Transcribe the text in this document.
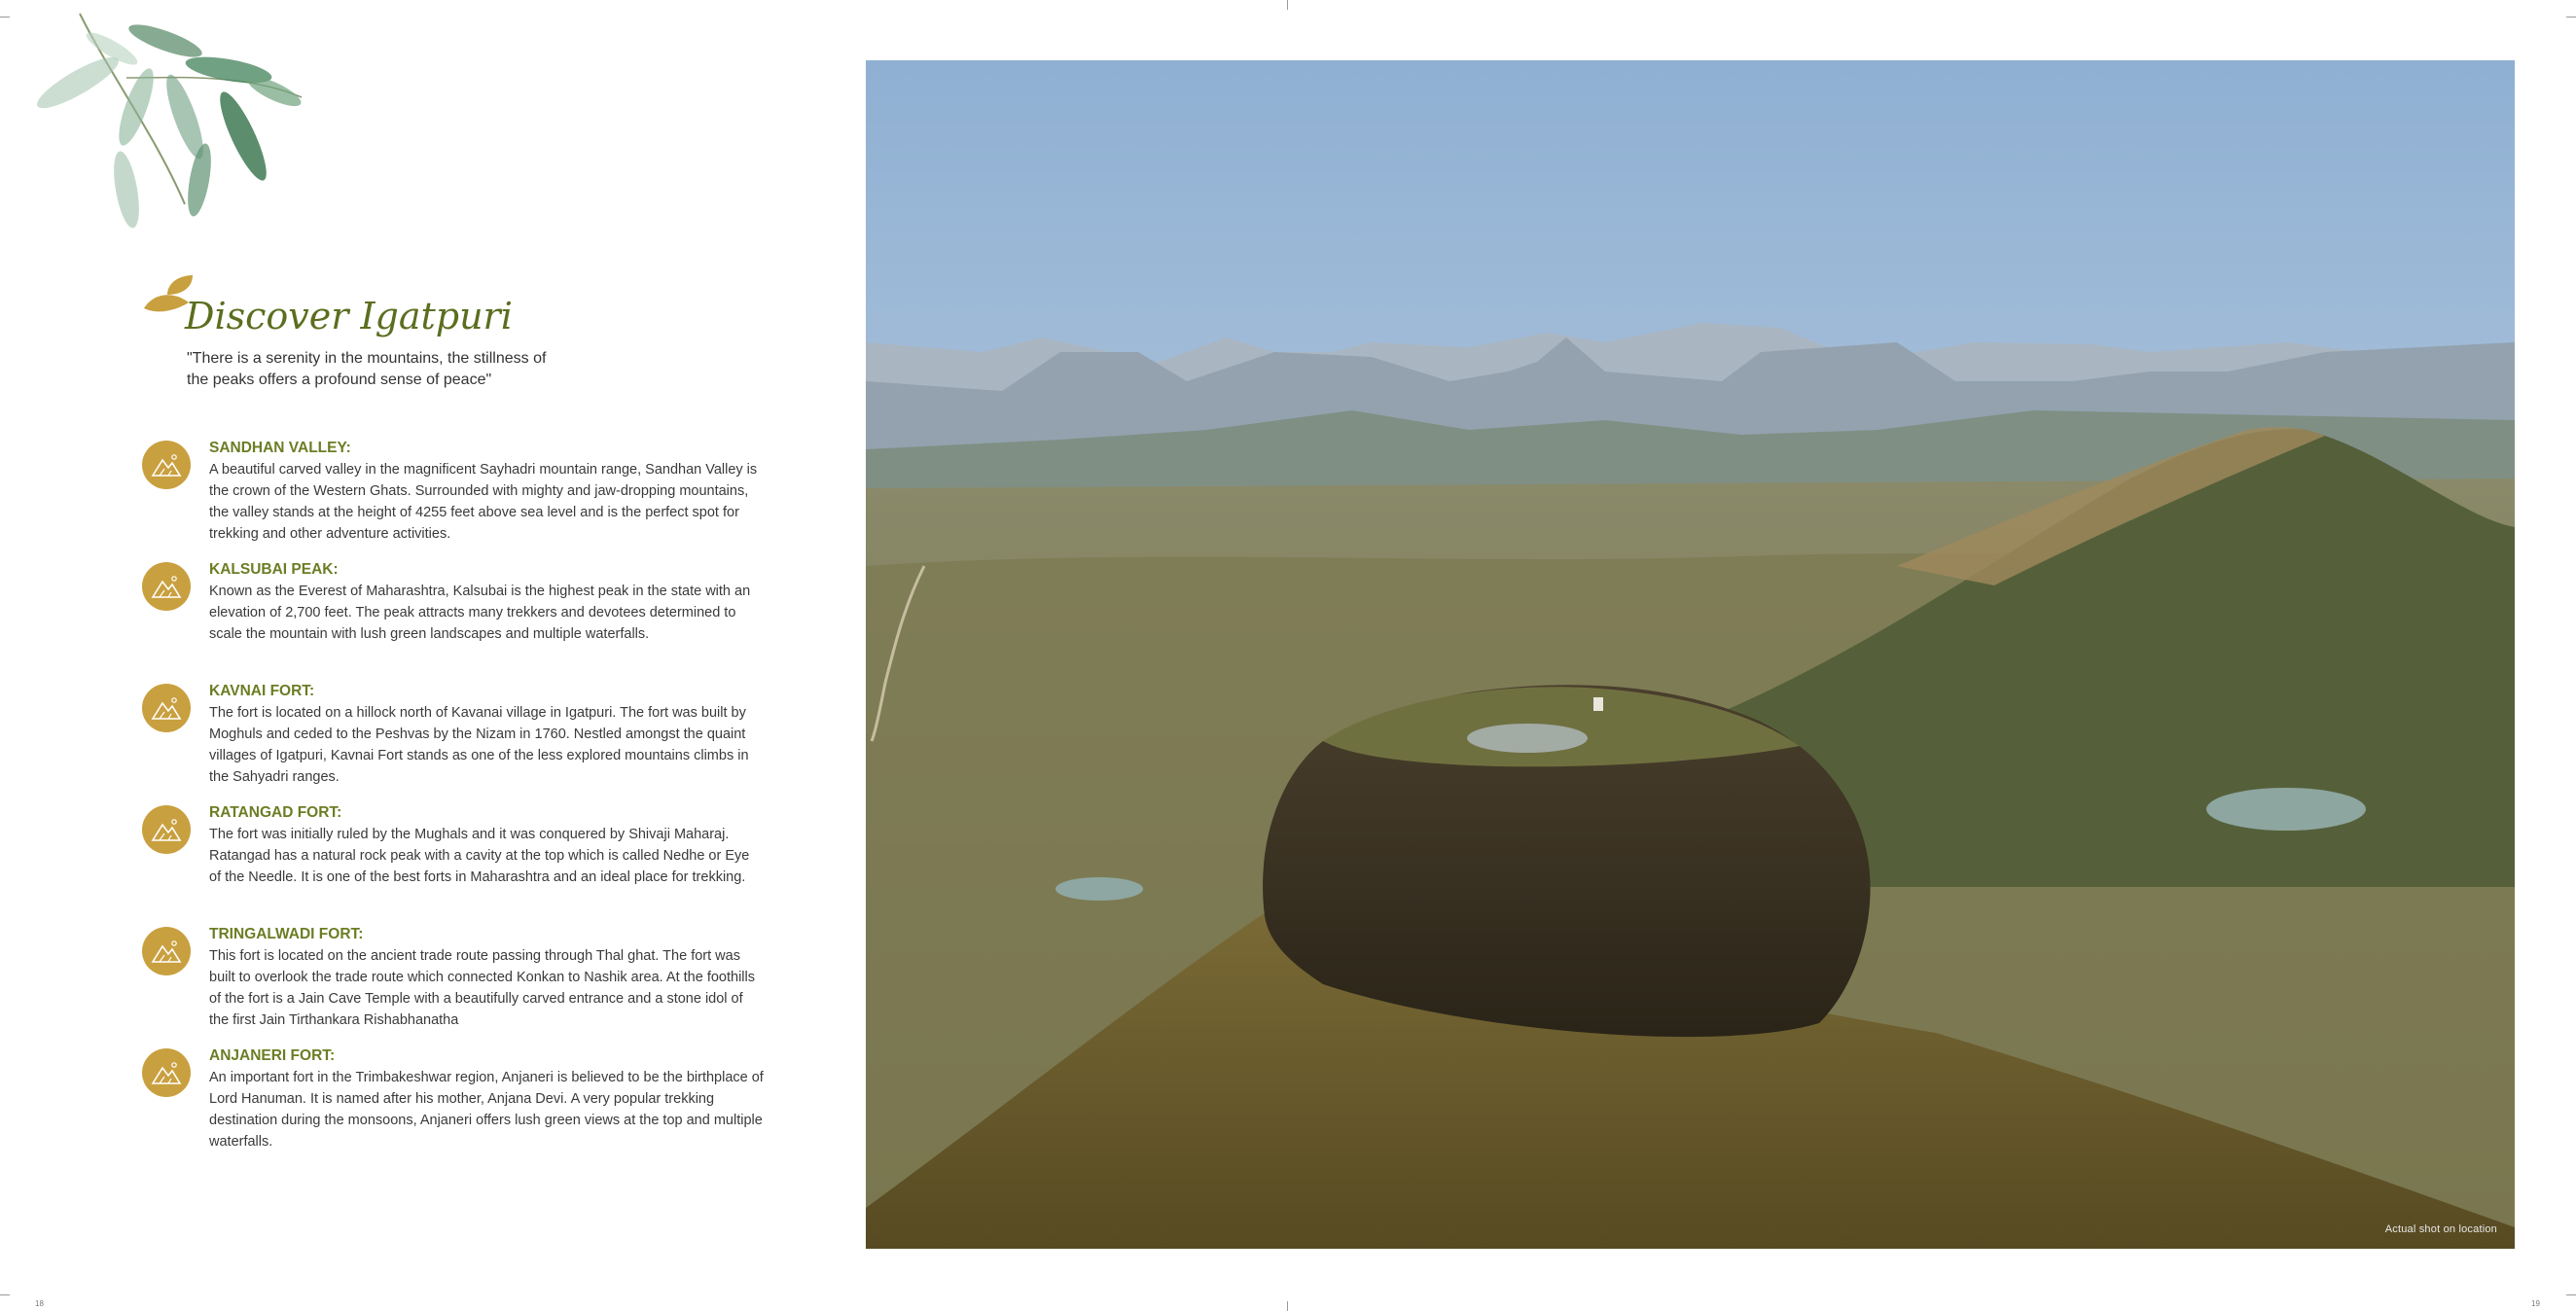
Discover Igatpuri

"There is a serenity in the mountains, the stillness of the peaks offers a profound sense of peace"

SANDHAN VALLEY:

A beautiful carved valley in the magnificent Sayhadri mountain range, Sandhan Valley is the crown of the Western Ghats. Surrounded with mighty and jaw-dropping mountains, the valley stands at the height of 4255 feet above sea level and is the perfect spot for trekking and other adventure activities.

KALSUBAI PEAK:

Known as the Everest of Maharashtra, Kalsubai is the highest peak in the state with an elevation of 2,700 feet. The peak attracts many trekkers and devotees determined to scale the mountain with lush green landscapes and multiple waterfalls.

KAVNAI FORT:

The fort is located on a hillock north of Kavanai village in Igatpuri. The fort was built by Moghuls and ceded to the Peshvas by the Nizam in 1760. Nestled amongst the quaint villages of Igatpuri, Kavnai Fort stands as one of the less explored mountains climbs in the Sahyadri ranges.

RATANGAD FORT:

The fort was initially ruled by the Mughals and it was conquered by Shivaji Maharaj. Ratangad has a natural rock peak with a cavity at the top which is called Nedhe or Eye of the Needle. It is one of the best forts in Maharashtra and an ideal place for trekking.

TRINGALWADI FORT:

This fort is located on the ancient trade route passing through Thal ghat. The fort was built to overlook the trade route which connected Konkan to Nashik area. At the foothills of the fort is a Jain Cave Temple with a beautifully carved entrance and a stone idol of the first Jain Tirthankara Rishabhanatha

ANJANERI FORT:

An important fort in the Trimbakeshwar region, Anjaneri is believed to be the birthplace of Lord Hanuman. It is named after his mother, Anjana Devi. A very popular trekking destination during the monsoons, Anjaneri offers lush green views at the top and multiple waterfalls.

Actual shot on location
18	19
